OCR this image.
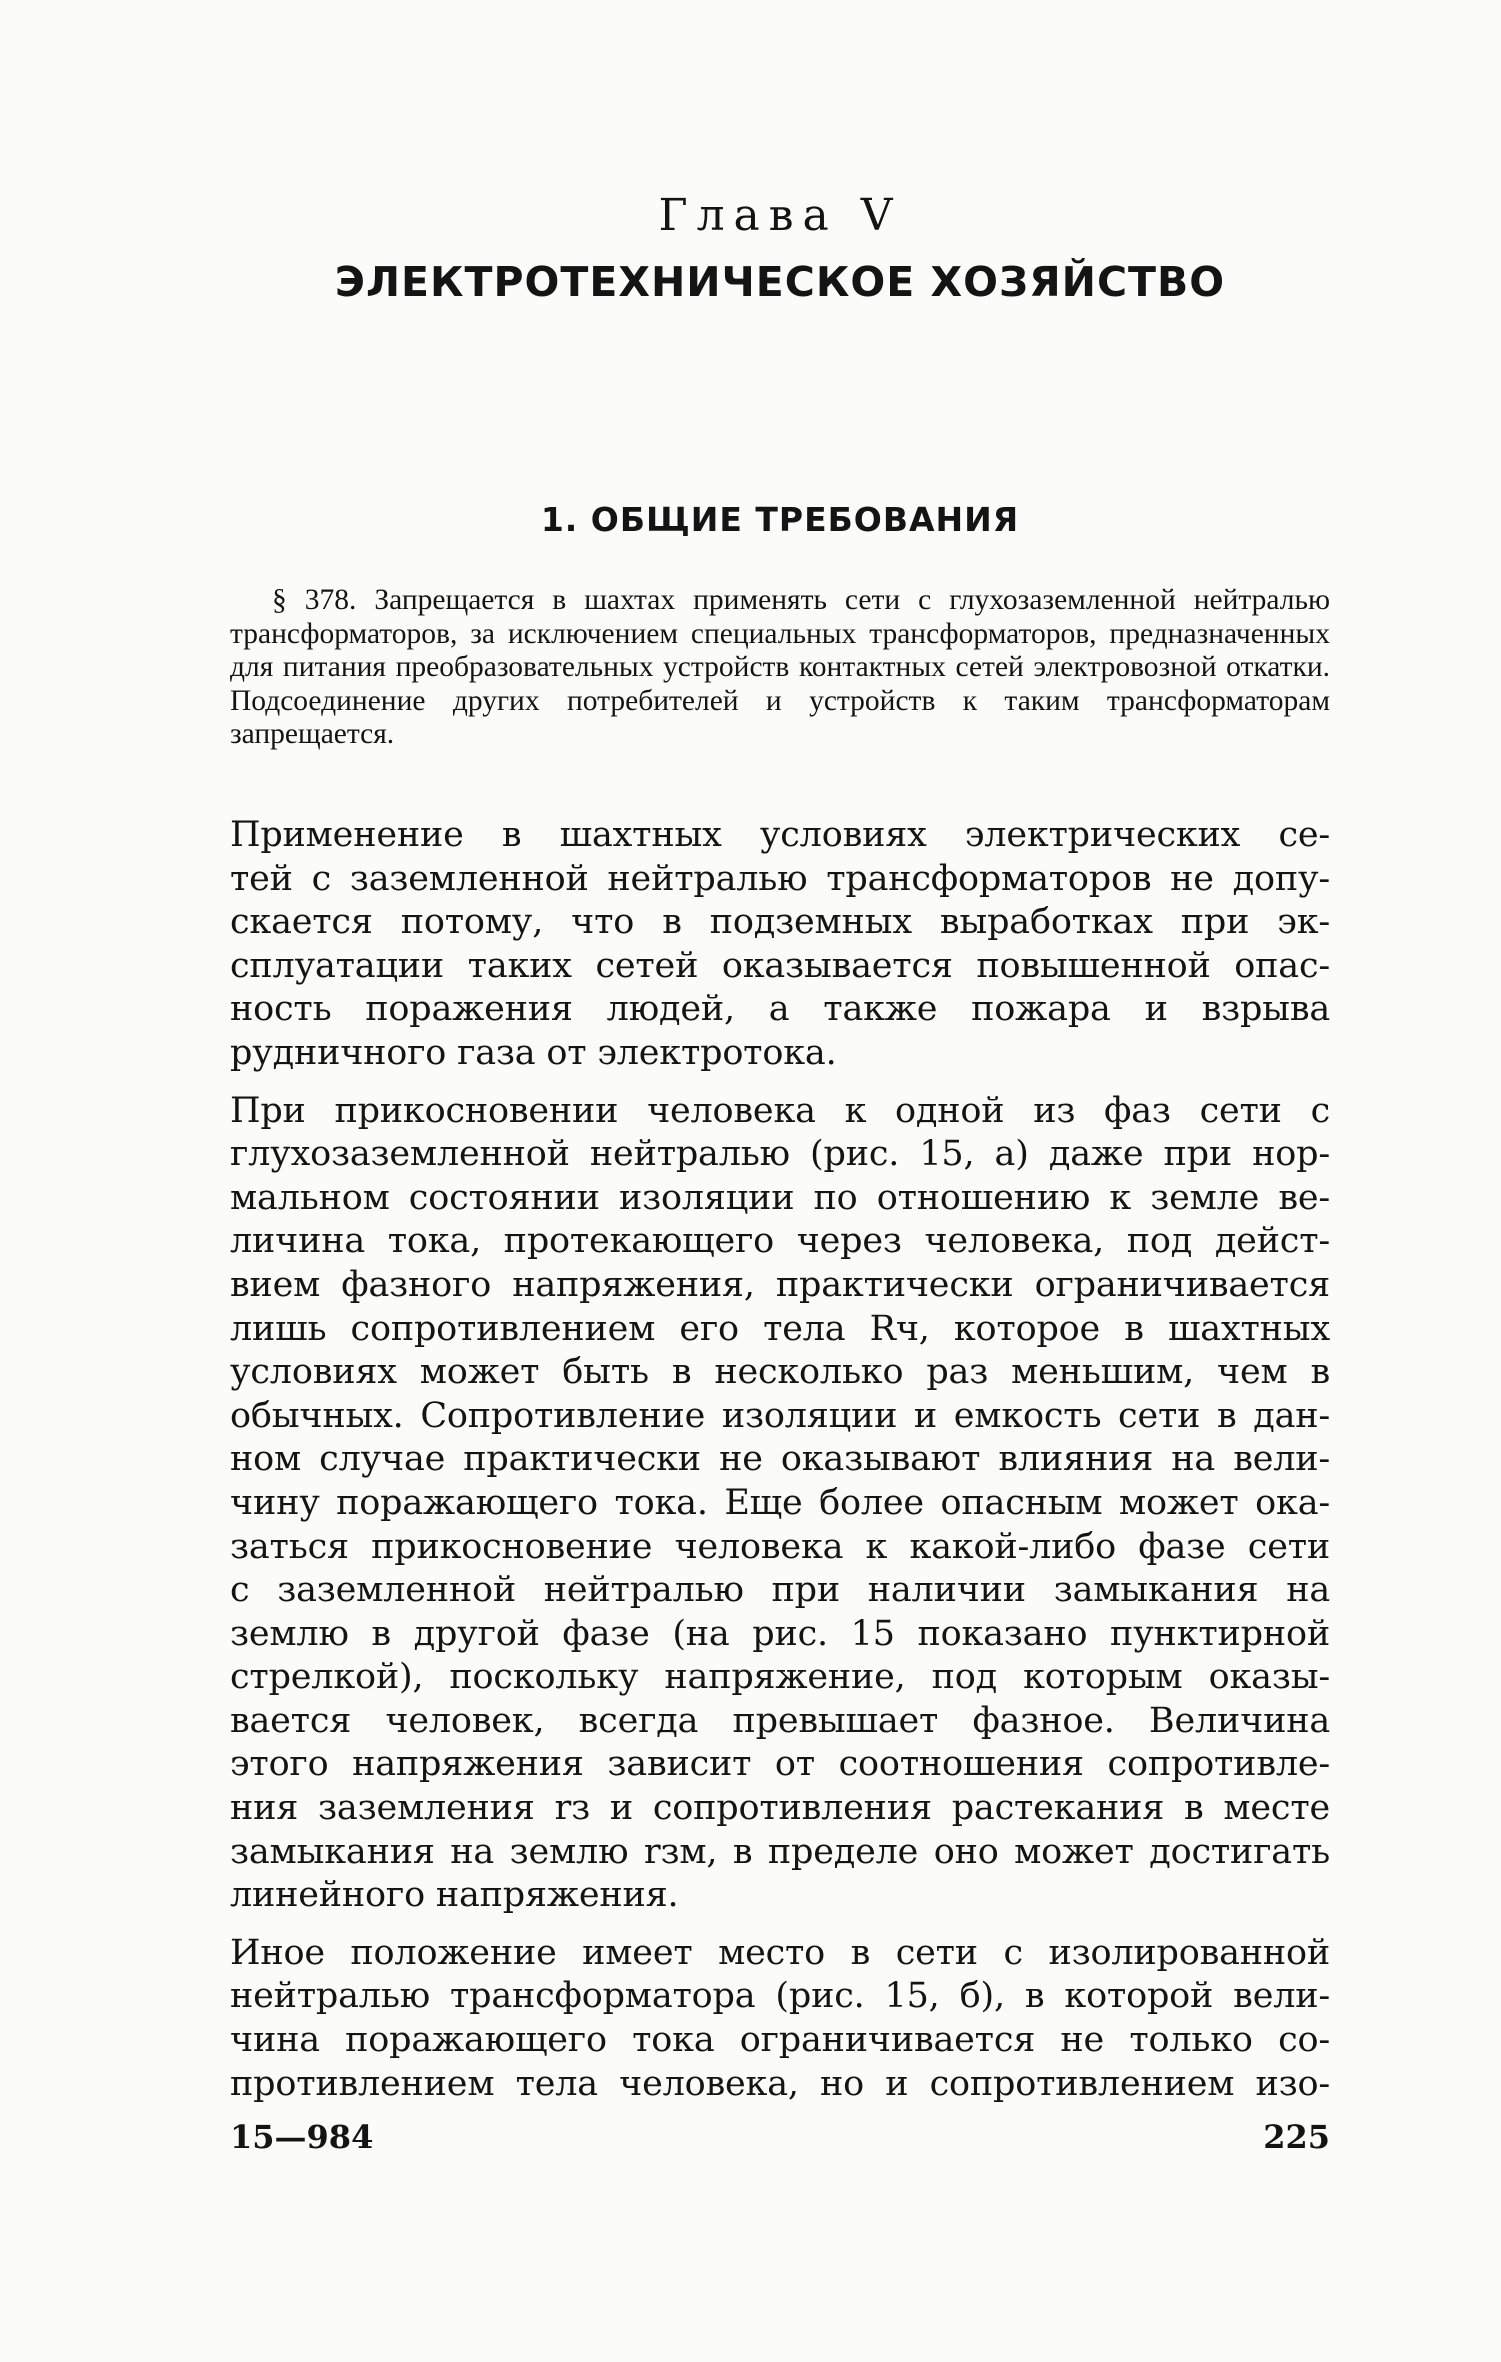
Глава V
ЭЛЕКТРОТЕХНИЧЕСКОЕ ХОЗЯЙСТВО
1. ОБЩИЕ ТРЕБОВАНИЯ

§ 378. Запрещается в шахтах применять сети с глухозаземленной нейтралью трансформаторов, за исключением специальных трансформаторов, предназначенных для питания преобразовательных устройств контактных сетей электровозной откатки. Подсоединение других потребителей и устройств к таким трансформаторам запрещается.

Применение в шахтных условиях электрических се-
тей с заземленной нейтралью трансформаторов не допу-
скается потому, что в подземных выработках при эк-
сплуатации таких сетей оказывается повышенной опас-
ность поражения людей, а также пожара и взрыва
рудничного газа от электротока.

При прикосновении человека к одной из фаз сети с
глухозаземленной нейтралью (рис. 15, а) даже при нор-
мальном состоянии изоляции по отношению к земле ве-
личина тока, протекающего через человека, под дейст-
вием фазного напряжения, практически ограничивается
лишь сопротивлением его тела Rч, которое в шахтных
условиях может быть в несколько раз меньшим, чем в
обычных. Сопротивление изоляции и емкость сети в дан-
ном случае практически не оказывают влияния на вели-
чину поражающего тока. Еще более опасным может ока-
заться прикосновение человека к какой-либо фазе сети
с заземленной нейтралью при наличии замыкания на
землю в другой фазе (на рис. 15 показано пунктирной
стрелкой), поскольку напряжение, под которым оказы-
вается человек, всегда превышает фазное. Величина
этого напряжения зависит от соотношения сопротивле-
ния заземления rз и сопротивления растекания в месте
замыкания на землю rзм, в пределе оно может достигать
линейного напряжения.

Иное положение имеет место в сети с изолированной
нейтралью трансформатора (рис. 15, б), в которой вели-
чина поражающего тока ограничивается не только со-
противлением тела человека, но и сопротивлением изо-

15—984	225
